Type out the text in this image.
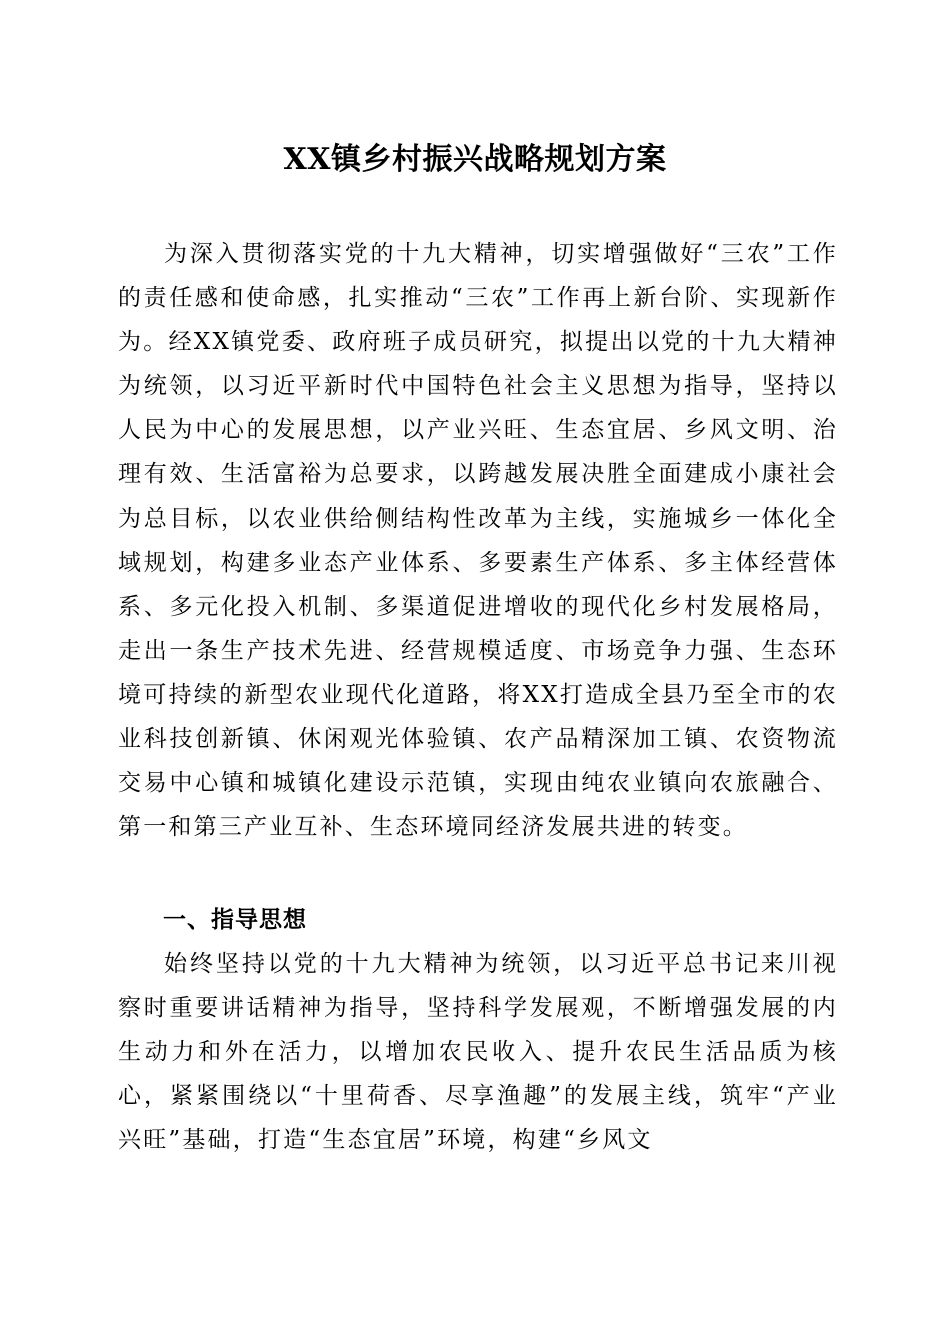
XX镇乡村振兴战略规划方案

为深入贯彻落实党的十九大精神，切实增强做好“三农”工作的责任感和使命感，扎实推动“三农”工作再上新台阶、实现新作为。经XX镇党委、政府班子成员研究，拟提出以党的十九大精神为统领，以习近平新时代中国特色社会主义思想为指导，坚持以人民为中心的发展思想，以产业兴旺、生态宜居、乡风文明、治理有效、生活富裕为总要求，以跨越发展决胜全面建成小康社会为总目标，以农业供给侧结构性改革为主线，实施城乡一体化全域规划，构建多业态产业体系、多要素生产体系、多主体经营体系、多元化投入机制、多渠道促进增收的现代化乡村发展格局，走出一条生产技术先进、经营规模适度、市场竞争力强、生态环境可持续的新型农业现代化道路，将XX打造成全县乃至全市的农业科技创新镇、休闲观光体验镇、农产品精深加工镇、农资物流交易中心镇和城镇化建设示范镇，实现由纯农业镇向农旅融合、第一和第三产业互补、生态环境同经济发展共进的转变。

一、指导思想

始终坚持以党的十九大精神为统领，以习近平总书记来川视察时重要讲话精神为指导，坚持科学发展观，不断增强发展的内生动力和外在活力，以增加农民收入、提升农民生活品质为核心，紧紧围绕以“十里荷香、尽享渔趣”的发展主线，筑牢“产业兴旺”基础，打造“生态宜居”环境，构建“乡风文
